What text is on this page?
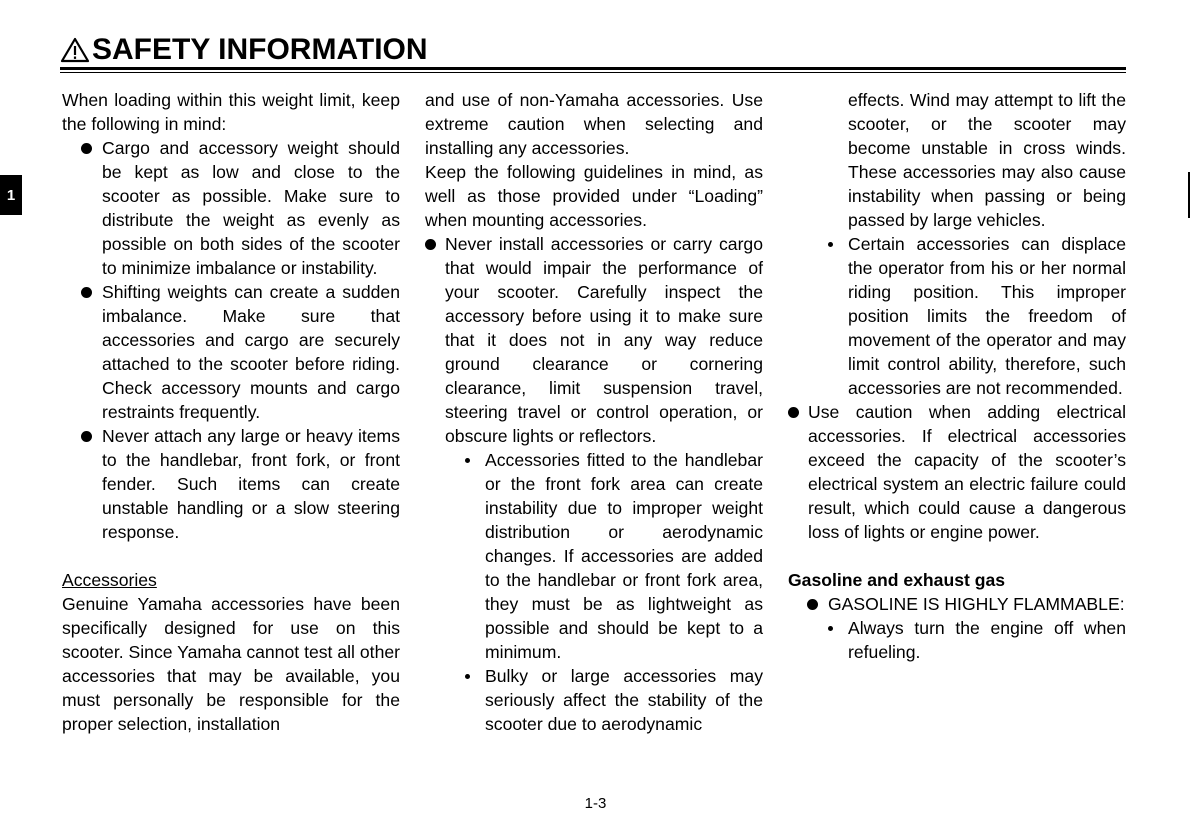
SAFETY INFORMATION
1

When loading within this weight limit, keep the following in mind:

Cargo and accessory weight should be kept as low and close to the scooter as possible. Make sure to distribute the weight as evenly as possible on both sides of the scooter to minimize imbalance or instability.

Shifting weights can create a sudden imbalance. Make sure that accessories and cargo are securely attached to the scooter before riding. Check accessory mounts and cargo restraints frequently.

Never attach any large or heavy items to the handlebar, front fork, or front fender. Such items can create unstable handling or a slow steering response.

Accessories

Genuine Yamaha accessories have been specifically designed for use on this scooter. Since Yamaha cannot test all other accessories that may be available, you must personally be responsible for the proper selection, installation

and use of non-Yamaha accessories. Use extreme caution when selecting and installing any accessories.

Keep the following guidelines in mind, as well as those provided under “Loading” when mounting accessories.

Never install accessories or carry cargo that would impair the performance of your scooter. Carefully inspect the accessory before using it to make sure that it does not in any way reduce ground clearance or cornering clearance, limit suspension travel, steering travel or control operation, or obscure lights or reflectors.

Accessories fitted to the handlebar or the front fork area can create instability due to improper weight distribution or aerodynamic changes. If accessories are added to the handlebar or front fork area, they must be as lightweight as possible and should be kept to a minimum.

Bulky or large accessories may seriously affect the stability of the scooter due to aerodynamic

effects. Wind may attempt to lift the scooter, or the scooter may become unstable in cross winds. These accessories may also cause instability when passing or being passed by large vehicles.

Certain accessories can displace the operator from his or her normal riding position. This improper position limits the freedom of movement of the operator and may limit control ability, therefore, such accessories are not recommended.

Use caution when adding electrical accessories. If electrical accessories exceed the capacity of the scooter’s electrical system an electric failure could result, which could cause a dangerous loss of lights or engine power.

Gasoline and exhaust gas

GASOLINE IS HIGHLY FLAMMABLE:

Always turn the engine off when refueling.

1-3
